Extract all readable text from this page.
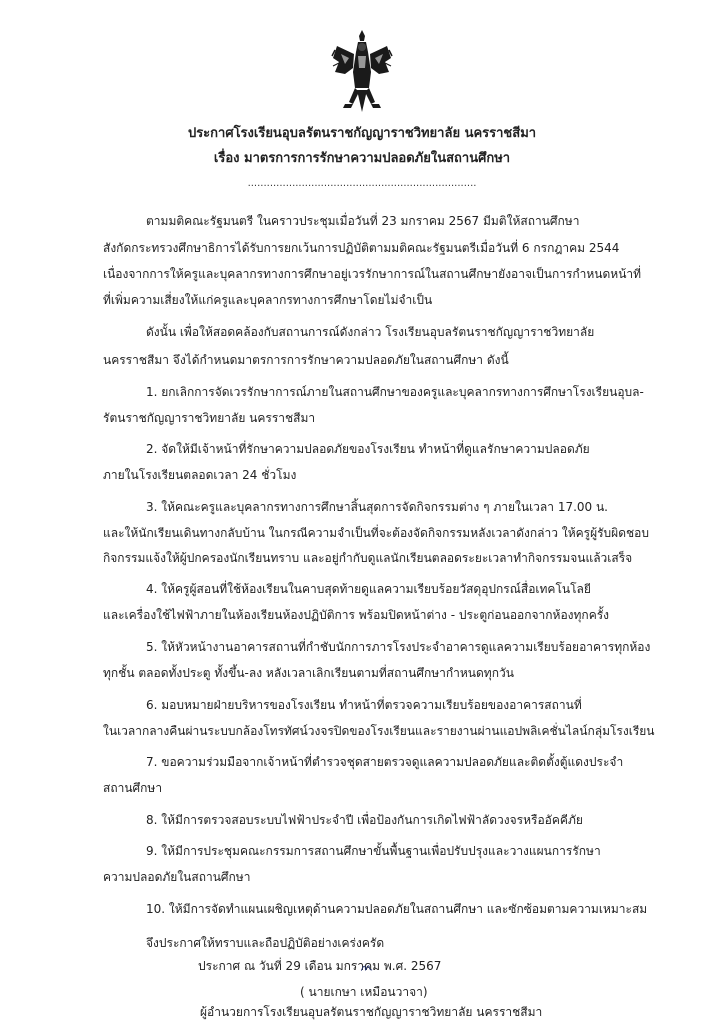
ประกาศโรงเรียนอุบลรัตนราชกัญญาราชวิทยาลัย นครราชสีมา
เรื่อง มาตรการการรักษาความปลอดภัยในสถานศึกษา
........................................................................
ตามมติคณะรัฐมนตรี ในคราวประชุมเมื่อวันที่ 23 มกราคม 2567 มีมติให้สถานศึกษา
สังกัดกระทรวงศึกษาธิการได้รับการยกเว้นการปฏิบัติตามมติคณะรัฐมนตรีเมื่อวันที่ 6 กรกฎาคม 2544
เนื่องจากการให้ครูและบุคลากรทางการศึกษาอยู่เวรรักษาการณ์ในสถานศึกษายังอาจเป็นการกำหนดหน้าที่
ที่เพิ่มความเสี่ยงให้แก่ครูและบุคลากรทางการศึกษาโดยไม่จำเป็น
ดังนั้น เพื่อให้สอดคล้องกับสถานการณ์ดังกล่าว โรงเรียนอุบลรัตนราชกัญญาราชวิทยาลัย
นครราชสีมา จึงได้กำหนดมาตรการการรักษาความปลอดภัยในสถานศึกษา ดังนี้
1. ยกเลิกการจัดเวรรักษาการณ์ภายในสถานศึกษาของครูและบุคลากรทางการศึกษาโรงเรียนอุบล-
รัตนราชกัญญาราชวิทยาลัย นครราชสีมา
2. จัดให้มีเจ้าหน้าที่รักษาความปลอดภัยของโรงเรียน ทำหน้าที่ดูแลรักษาความปลอดภัย
ภายในโรงเรียนตลอดเวลา 24 ชั่วโมง
3. ให้คณะครูและบุคลากรทางการศึกษาสิ้นสุดการจัดกิจกรรมต่าง ๆ ภายในเวลา 17.00 น.
และให้นักเรียนเดินทางกลับบ้าน ในกรณีความจำเป็นที่จะต้องจัดกิจกรรมหลังเวลาดังกล่าว ให้ครูผู้รับผิดชอบ
กิจกรรมแจ้งให้ผู้ปกครองนักเรียนทราบ และอยู่กำกับดูแลนักเรียนตลอดระยะเวลาทำกิจกรรมจนแล้วเสร็จ
4. ให้ครูผู้สอนที่ใช้ห้องเรียนในคาบสุดท้ายดูแลความเรียบร้อยวัสดุอุปกรณ์สื่อเทคโนโลยี
และเครื่องใช้ไฟฟ้าภายในห้องเรียนห้องปฏิบัติการ พร้อมปิดหน้าต่าง - ประตูก่อนออกจากห้องทุกครั้ง
5. ให้หัวหน้างานอาคารสถานที่กำชับนักการภารโรงประจำอาคารดูแลความเรียบร้อยอาคารทุกห้อง
ทุกชั้น ตลอดทั้งประตู ทั้งขึ้น-ลง หลังเวลาเลิกเรียนตามที่สถานศึกษากำหนดทุกวัน
6. มอบหมายฝ่ายบริหารของโรงเรียน ทำหน้าที่ตรวจความเรียบร้อยของอาคารสถานที่
ในเวลากลางคืนผ่านระบบกล้องโทรทัศน์วงจรปิดของโรงเรียนและรายงานผ่านแอปพลิเคชั่นไลน์กลุ่มโรงเรียน
7. ขอความร่วมมือจากเจ้าหน้าที่ตำรวจชุดสายตรวจดูแลความปลอดภัยและติดตั้งตู้แดงประจำ
สถานศึกษา
8. ให้มีการตรวจสอบระบบไฟฟ้าประจำปี เพื่อป้องกันการเกิดไฟฟ้าลัดวงจรหรืออัคคีภัย
9. ให้มีการประชุมคณะกรรมการสถานศึกษาขั้นพื้นฐานเพื่อปรับปรุงและวางแผนการรักษา
ความปลอดภัยในสถานศึกษา
10. ให้มีการจัดทำแผนเผชิญเหตุด้านความปลอดภัยในสถานศึกษา และซักซ้อมตามความเหมาะสม
จึงประกาศให้ทราบและถือปฏิบัติอย่างเคร่งครัด
ประกาศ ณ วันที่ 29 เดือน มกราคม พ.ศ. 2567
( นายเกษา เหมือนวาจา)
ผู้อำนวยการโรงเรียนอุบลรัตนราชกัญญาราชวิทยาลัย นครราชสีมา
